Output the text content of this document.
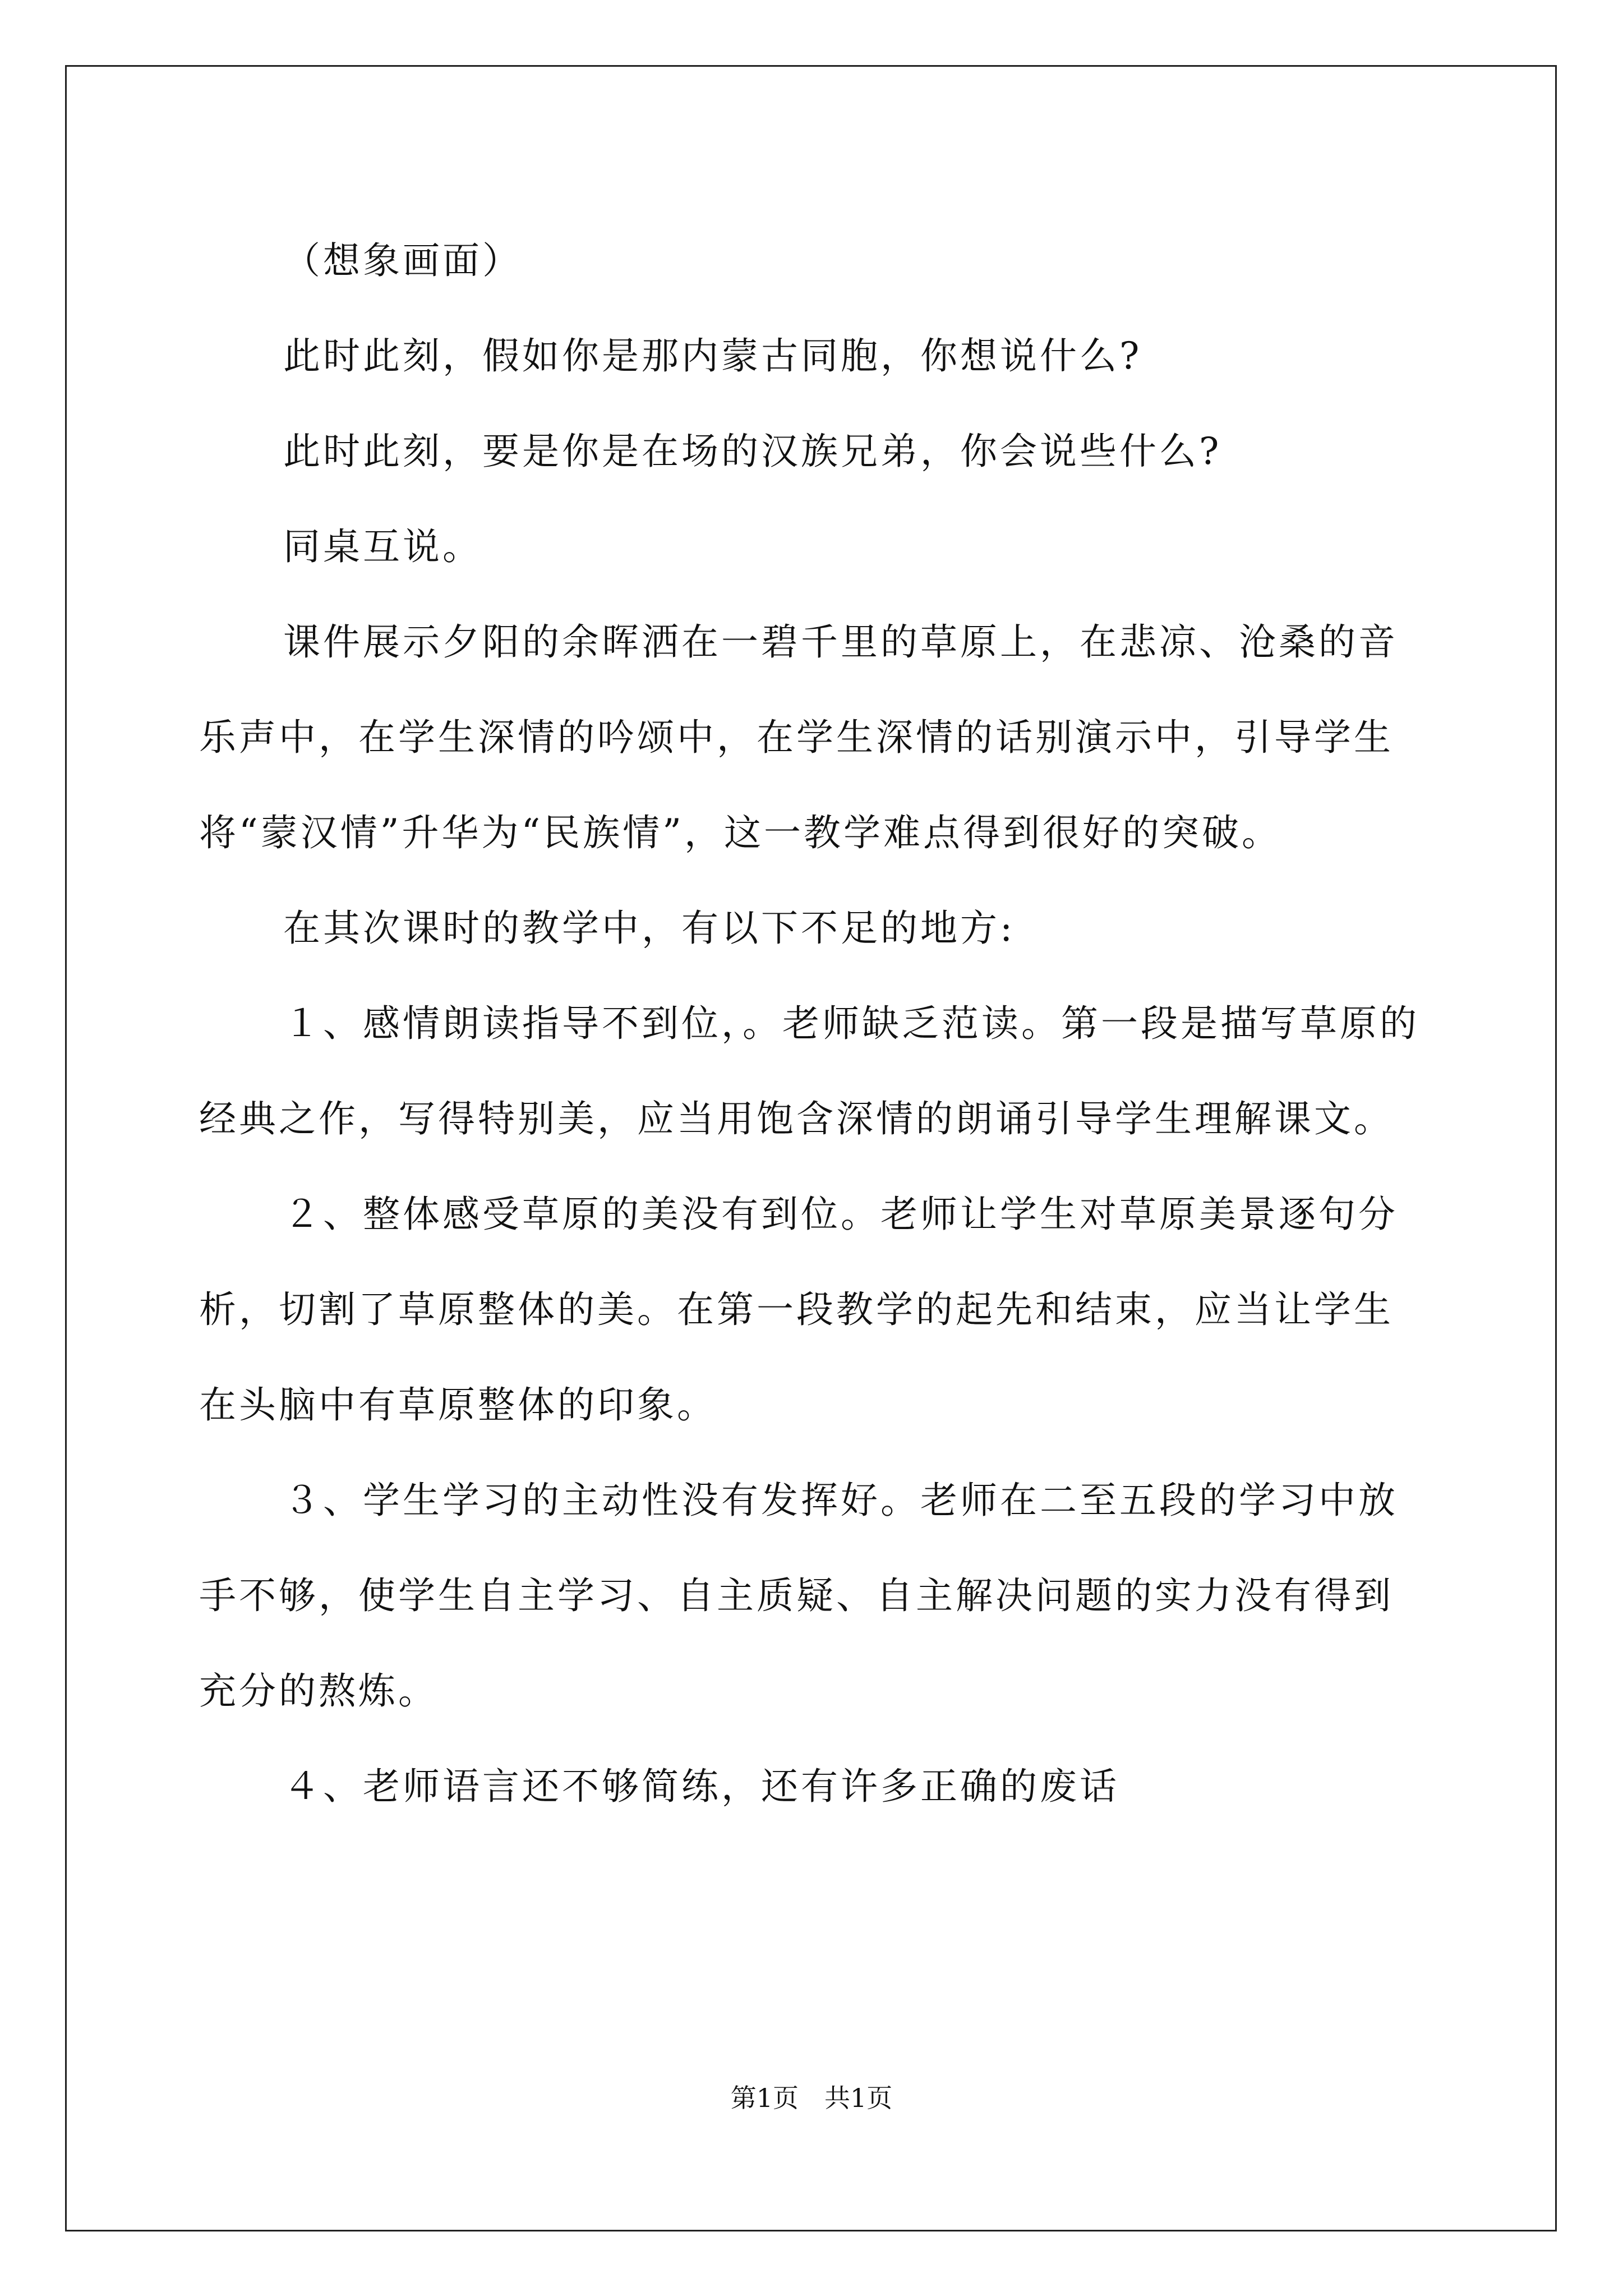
（想象画面）

此时此刻，假如你是那内蒙古同胞，你想说什么?

此时此刻，要是你是在场的汉族兄弟，你会说些什么?

同桌互说。

课件展示夕阳的余晖洒在一碧千里的草原上，在悲凉、沧桑的音

乐声中，在学生深情的吟颂中，在学生深情的话别演示中，引导学生

将“蒙汉情”升华为“民族情”，这一教学难点得到很好的突破。

在其次课时的教学中，有以下不足的地方:

１、感情朗读指导不到位，。老师缺乏范读。第一段是描写草原的

经典之作，写得特别美，应当用饱含深情的朗诵引导学生理解课文。

２、整体感受草原的美没有到位。老师让学生对草原美景逐句分

析，切割了草原整体的美。在第一段教学的起先和结束，应当让学生

在头脑中有草原整体的印象。

３、学生学习的主动性没有发挥好。老师在二至五段的学习中放

手不够，使学生自主学习、自主质疑、自主解决问题的实力没有得到

充分的熬炼。

４、老师语言还不够简练，还有许多正确的废话

第1页　共1页
